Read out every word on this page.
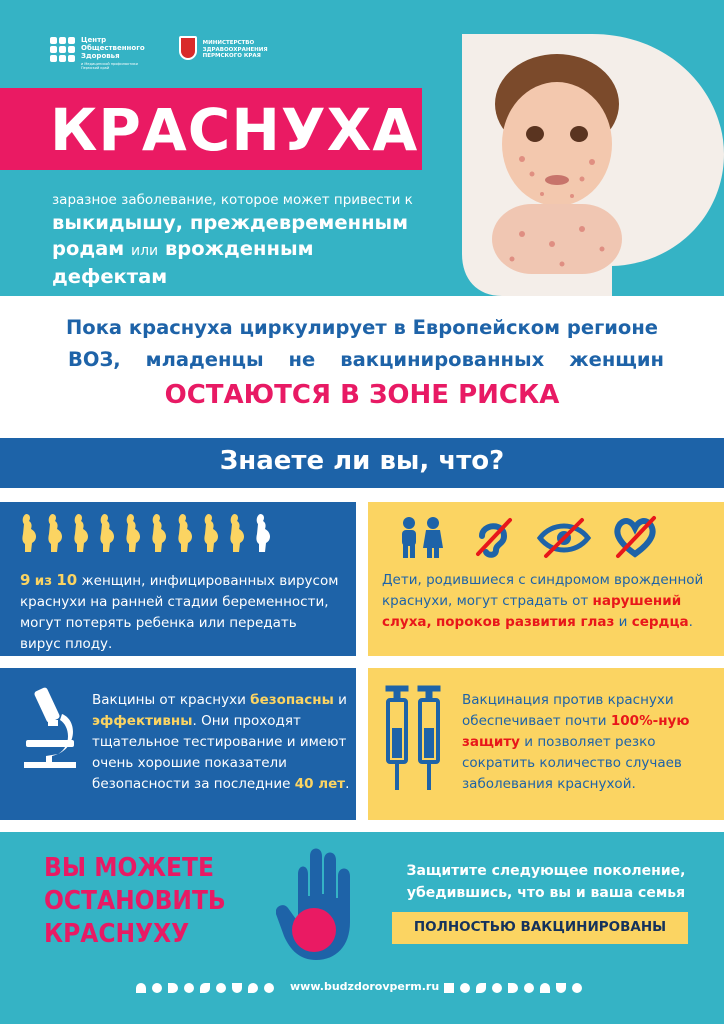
Центр
Общественного
Здоровья
и Медицинской профилактики Пермский край
МИНИСТЕРСТВО
ЗДРАВООХРАНЕНИЯ
ПЕРМСКОГО КРАЯ
КРАСНУХА
заразное заболевание, которое может привести к
выкидышу, преждевременным
родам или врожденным дефектам
Пока краснуха циркулирует в Европейском регионе
ВОЗ, младенцы не вакцинированных женщин
ОСТАЮТСЯ В ЗОНЕ РИСКА
Знаете ли вы, что?
9 из 10 женщин, инфицированных вирусом краснухи на ранней стадии беременности, могут потерять ребенка или передать вирус плоду.
Дети, родившиеся с синдромом врожденной краснухи, могут страдать от нарушений слуха, пороков развития глаз и сердца.
Вакцины от краснухи безопасны и эффективны. Они проходят тщательное тестирование и имеют очень хорошие показатели безопасности за последние 40 лет.
Вакцинация против краснухи обеспечивает почти 100%-ную защиту и позволяет резко сократить количество случаев заболевания краснухой.
ВЫ МОЖЕТЕ
ОСТАНОВИТЬ
КРАСНУХУ
Защитите следующее поколение,
убедившись, что вы и ваша семья
ПОЛНОСТЬЮ ВАКЦИНИРОВАНЫ
www.budzdorovperm.ru
